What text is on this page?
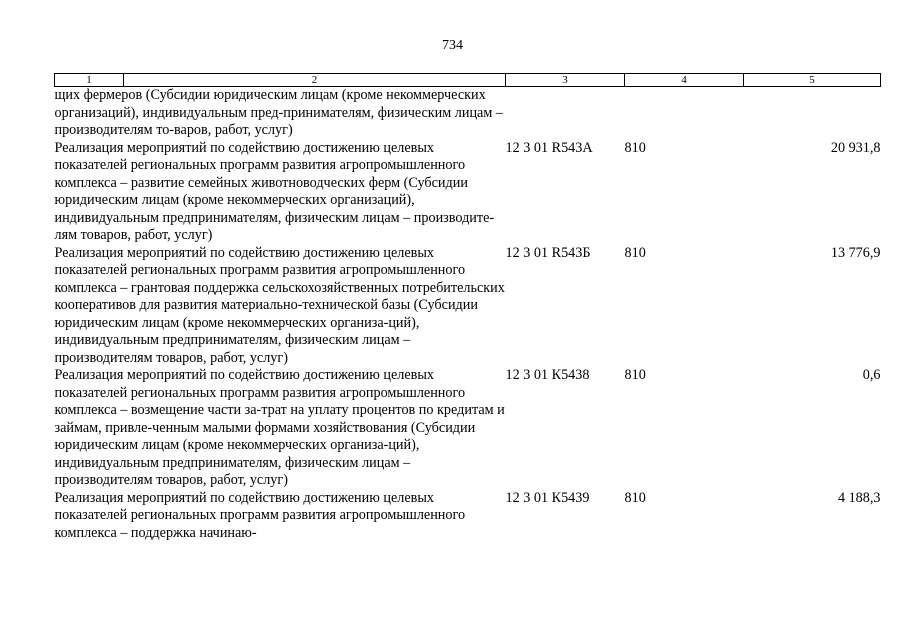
734
1	2	3	4	5
щих фермеров (Субсидии юридическим лицам (кроме некоммерческих организаций), индивидуальным пред-принимателям, физическим лицам – производителям то-варов, работ, услуг)				
Реализация мероприятий по содействию достижению целевых показателей региональных программ развития агропромышленного комплекса – развитие семейных животноводческих ферм (Субсидии юридическим лицам (кроме некоммерческих организаций), индивидуальным предпринимателям, физическим лицам – производите-лям товаров, работ, услуг)		12 3 01 R543А	810	20 931,8
Реализация мероприятий по содействию достижению целевых показателей региональных программ развития агропромышленного комплекса – грантовая поддержка сельскохозяйственных потребительских кооперативов для развития материально-технической базы (Субсидии юридическим лицам (кроме некоммерческих организа-ций), индивидуальным предпринимателям, физическим лицам – производителям товаров, работ, услуг)		12 3 01 R543Б	810	13 776,9
Реализация мероприятий по содействию достижению целевых показателей региональных программ развития агропромышленного комплекса – возмещение части за-трат на уплату процентов по кредитам и займам, привле-ченным малыми формами хозяйствования (Субсидии юридическим лицам (кроме некоммерческих организа-ций), индивидуальным предпринимателям, физическим лицам – производителям товаров, работ, услуг)		12 3 01 К5438	810	0,6
Реализация мероприятий по содействию достижению целевых показателей региональных программ развития агропромышленного комплекса – поддержка начинаю-		12 3 01 К5439	810	4 188,3
